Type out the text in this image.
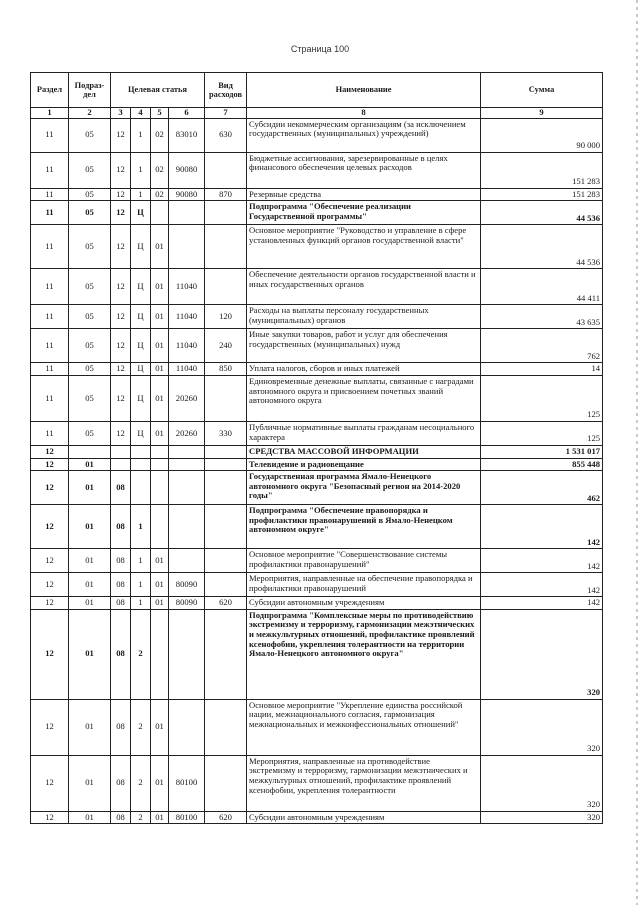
Страница 100
Раздел	Подраз- дел	Целевая статья				Вид расходов	Наименование	Сумма
1	2	3	4	5	6	7	8	9
11	05	12	1	02	83010	630	Субсидии некоммерческим организациям (за исключением государственных (муниципальных) учреждений)	90 000
11	05	12	1	02	90080		Бюджетные ассигнования, зарезервированные в целях финансового обеспечения целевых расходов	151 283
11	05	12	1	02	90080	870	Резервные средства	151 283
11	05	12	Ц				Подпрограмма "Обеспечение реализации Государственной программы"	44 536
11	05	12	Ц	01			Основное мероприятие "Руководство и управление в сфере установленных функций органов государственной власти"	44 536
11	05	12	Ц	01	11040		Обеспечение деятельности органов государственной власти и иных государственных органов	44 411
11	05	12	Ц	01	11040	120	Расходы на выплаты персоналу государственных (муниципальных) органов	43 635
11	05	12	Ц	01	11040	240	Иные закупки товаров, работ и услуг для обеспечения государственных (муниципальных) нужд	762
11	05	12	Ц	01	11040	850	Уплата налогов, сборов и иных платежей	14
11	05	12	Ц	01	20260		Единовременные денежные выплаты, связанные с наградами автономного округа и присвоением почетных званий автономного округа	125
11	05	12	Ц	01	20260	330	Публичные нормативные выплаты гражданам несоциального характера	125
12							СРЕДСТВА МАССОВОЙ ИНФОРМАЦИИ	1 531 017
12	01						Телевидение и радиовещание	855 448
12	01	08					Государственная программа Ямало-Ненецкого автономного округа "Безопасный регион на 2014-2020 годы"	462
12	01	08	1				Подпрограмма "Обеспечение правопорядка и профилактики правонарушений в Ямало-Ненецком автономном округе"	142
12	01	08	1	01			Основное мероприятие "Совершенствование системы профилактики правонарушений"	142
12	01	08	1	01	80090		Мероприятия, направленные на обеспечение правопорядка и профилактики правонарушений	142
12	01	08	1	01	80090	620	Субсидии автономным учреждениям	142
12	01	08	2				Подпрограмма "Комплексные меры по противодействию экстремизму и терроризму, гармонизации межэтнических и межкультурных отношений, профилактике проявлений ксенофобии, укрепления толерантности на территории Ямало-Ненецкого автономного округа"	320
12	01	08	2	01			Основное мероприятие "Укрепление единства российской нации, межнационального согласия, гармонизация межнациональных и межконфессиональных отношений"	320
12	01	08	2	01	80100		Мероприятия, направленные на противодействие экстремизму и терроризму, гармонизации межэтнических и межкультурных отношений, профилактике проявлений ксенофобии, укрепления толерантности	320
12	01	08	2	01	80100	620	Субсидии автономным учреждениям	320
